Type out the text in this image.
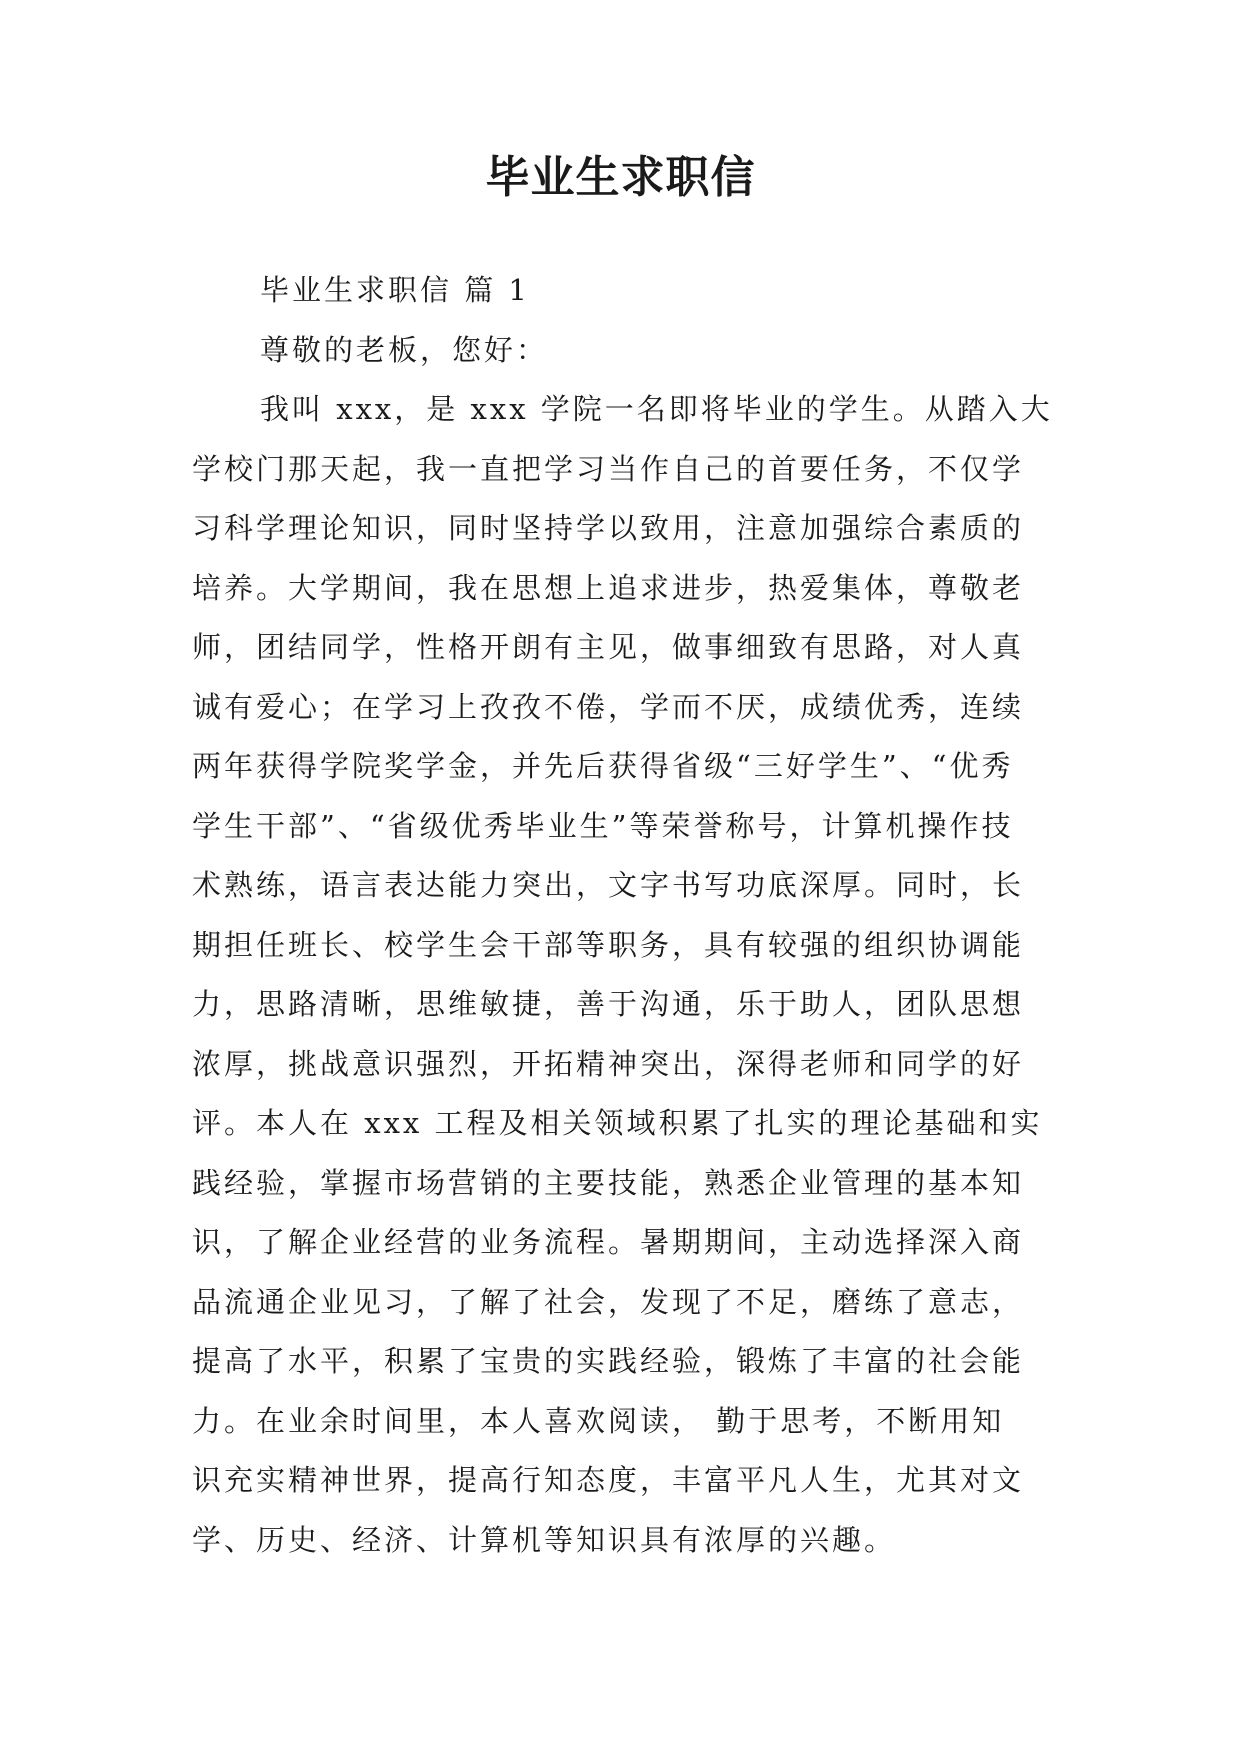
毕业生求职信
毕业生求职信 篇 1
尊敬的老板，您好：
我叫 xxx，是 xxx 学院一名即将毕业的学生。从踏入大
学校门那天起，我一直把学习当作自己的首要任务，不仅学
习科学理论知识，同时坚持学以致用，注意加强综合素质的
培养。大学期间，我在思想上追求进步，热爱集体，尊敬老
师，团结同学，性格开朗有主见，做事细致有思路，对人真
诚有爱心；在学习上孜孜不倦，学而不厌，成绩优秀，连续
两年获得学院奖学金，并先后获得省级“三好学生”、“优秀
学生干部”、“省级优秀毕业生”等荣誉称号，计算机操作技
术熟练，语言表达能力突出，文字书写功底深厚。同时，长
期担任班长、校学生会干部等职务，具有较强的组织协调能
力，思路清晰，思维敏捷，善于沟通，乐于助人，团队思想
浓厚，挑战意识强烈，开拓精神突出，深得老师和同学的好
评。本人在 xxx 工程及相关领域积累了扎实的理论基础和实
践经验，掌握市场营销的主要技能，熟悉企业管理的基本知
识，了解企业经营的业务流程。暑期期间，主动选择深入商
品流通企业见习，了解了社会，发现了不足，磨练了意志，
提高了水平，积累了宝贵的实践经验，锻炼了丰富的社会能
力。在业余时间里，本人喜欢阅读， 勤于思考，不断用知
识充实精神世界，提高行知态度，丰富平凡人生，尤其对文
学、历史、经济、计算机等知识具有浓厚的兴趣。
